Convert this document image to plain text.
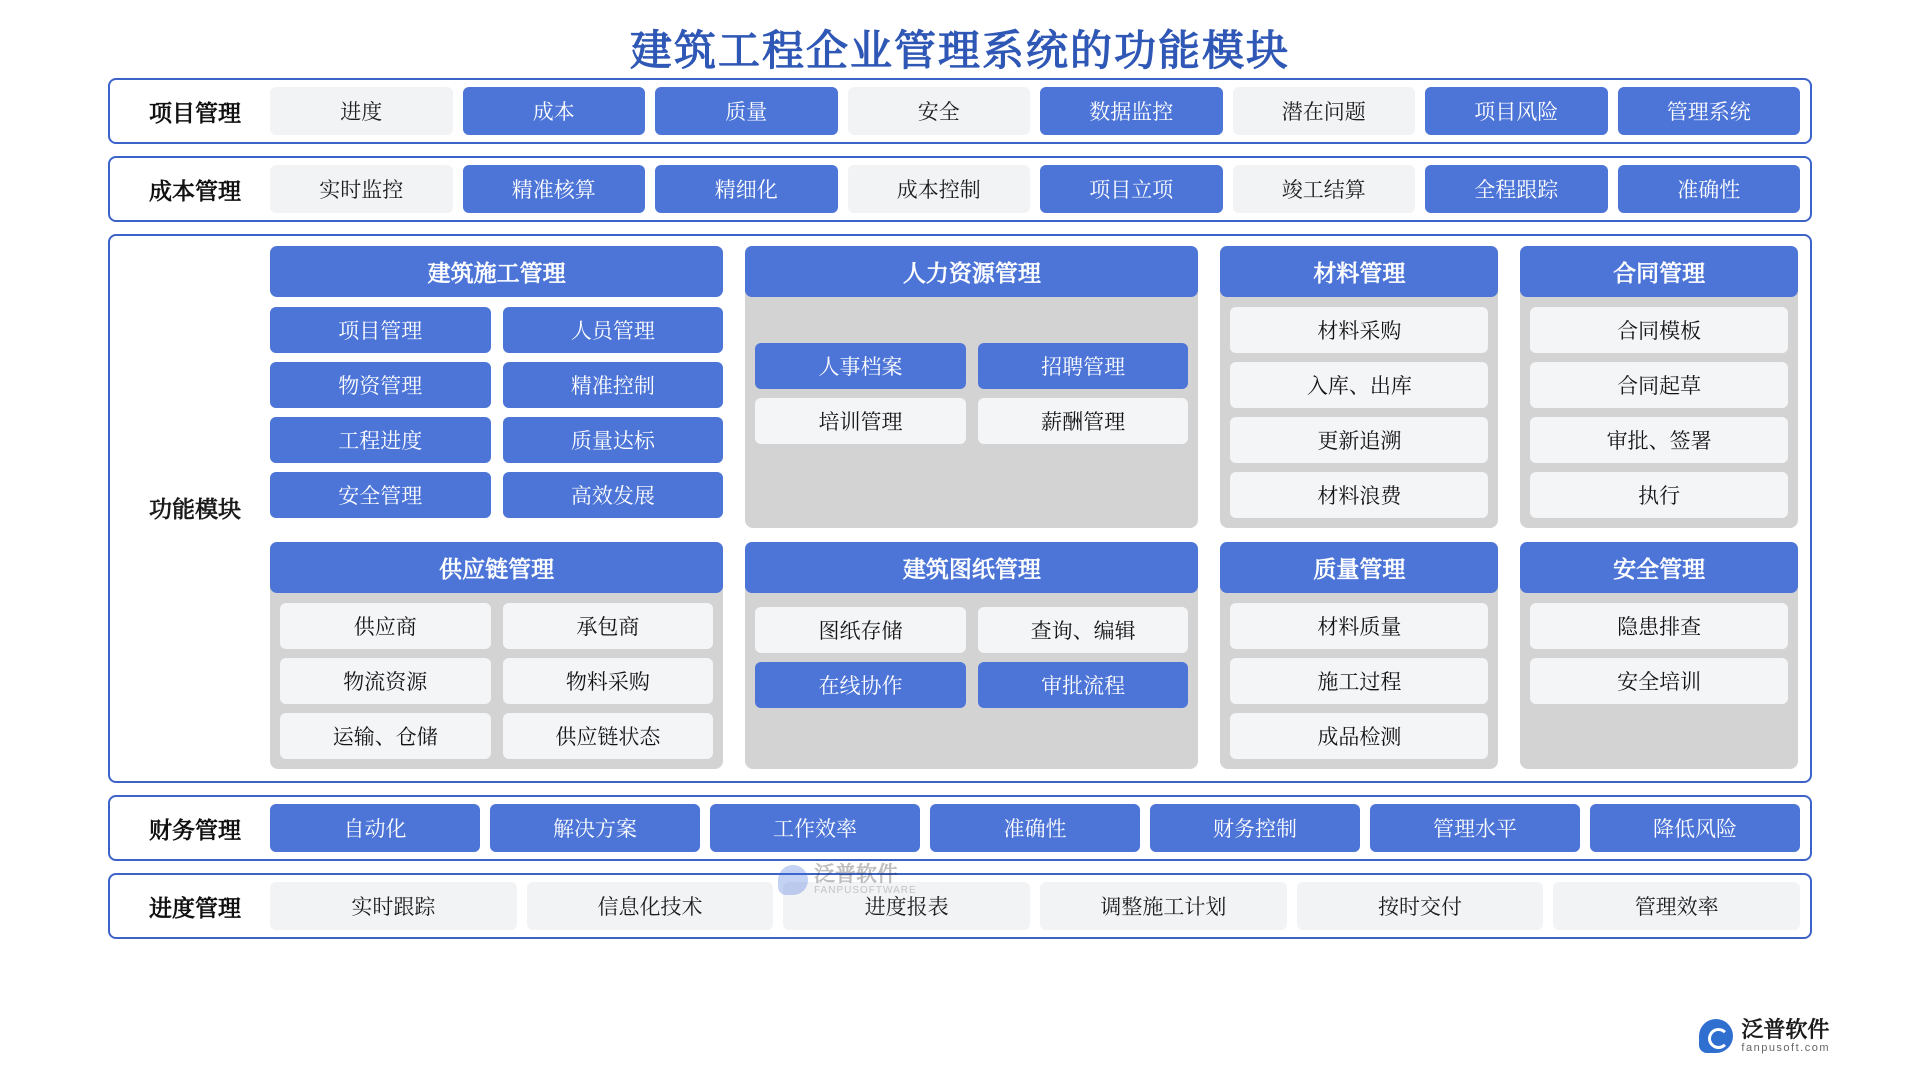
建筑工程企业管理系统的功能模块
项目管理	进度	成本	质量	安全	数据监控	潜在问题	项目风险	管理系统
成本管理	实时监控	精准核算	精细化	成本控制	项目立项	竣工结算	全程跟踪	准确性
功能模块
建筑施工管理
项目管理	人员管理
物资管理	精准控制
工程进度	质量达标
安全管理	高效发展
人力资源管理
人事档案	招聘管理
培训管理	薪酬管理
材料管理
材料采购
入库、出库
更新追溯
材料浪费
合同管理
合同模板
合同起草
审批、签署
执行
供应链管理
供应商	承包商
物流资源	物料采购
运输、仓储	供应链状态
建筑图纸管理
图纸存储	查询、编辑
在线协作	审批流程
质量管理
材料质量
施工过程
成品检测
安全管理
隐患排查
安全培训
泛普软件
FANPUSOFTWARE
财务管理	自动化	解决方案	工作效率	准确性	财务控制	管理水平	降低风险
进度管理	实时跟踪	信息化技术	进度报表	调整施工计划	按时交付	管理效率
泛普软件
fanpusoft.com
